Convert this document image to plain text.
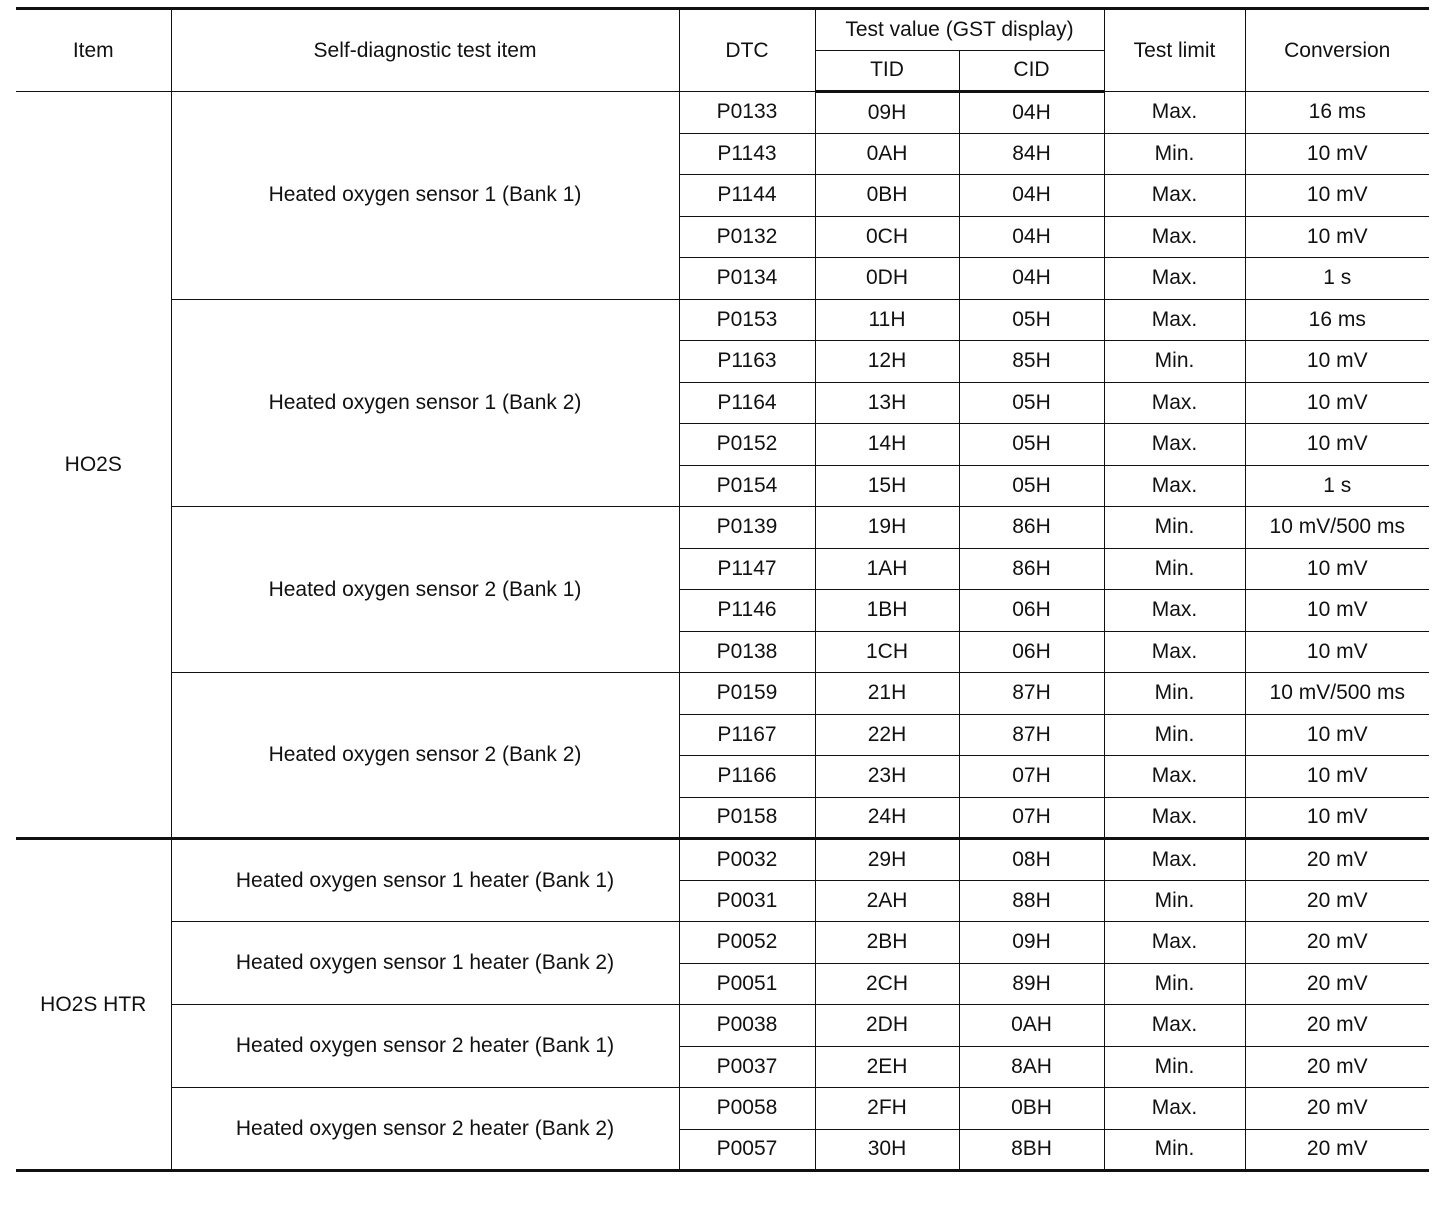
Item	Self-diagnostic test item	DTC	Test value (GST display)		Test limit	Conversion
			TID	CID		
HO2S	Heated oxygen sensor 1 (Bank 1)	P0133	09H	04H	Max.	16 ms
		P1143	0AH	84H	Min.	10 mV
		P1144	0BH	04H	Max.	10 mV
		P0132	0CH	04H	Max.	10 mV
		P0134	0DH	04H	Max.	1 s
	Heated oxygen sensor 1 (Bank 2)	P0153	11H	05H	Max.	16 ms
		P1163	12H	85H	Min.	10 mV
		P1164	13H	05H	Max.	10 mV
		P0152	14H	05H	Max.	10 mV
		P0154	15H	05H	Max.	1 s
	Heated oxygen sensor 2 (Bank 1)	P0139	19H	86H	Min.	10 mV/500 ms
		P1147	1AH	86H	Min.	10 mV
		P1146	1BH	06H	Max.	10 mV
		P0138	1CH	06H	Max.	10 mV
	Heated oxygen sensor 2 (Bank 2)	P0159	21H	87H	Min.	10 mV/500 ms
		P1167	22H	87H	Min.	10 mV
		P1166	23H	07H	Max.	10 mV
		P0158	24H	07H	Max.	10 mV
HO2S HTR	Heated oxygen sensor 1 heater (Bank 1)	P0032	29H	08H	Max.	20 mV
		P0031	2AH	88H	Min.	20 mV
	Heated oxygen sensor 1 heater (Bank 2)	P0052	2BH	09H	Max.	20 mV
		P0051	2CH	89H	Min.	20 mV
	Heated oxygen sensor 2 heater (Bank 1)	P0038	2DH	0AH	Max.	20 mV
		P0037	2EH	8AH	Min.	20 mV
	Heated oxygen sensor 2 heater (Bank 2)	P0058	2FH	0BH	Max.	20 mV
		P0057	30H	8BH	Min.	20 mV
